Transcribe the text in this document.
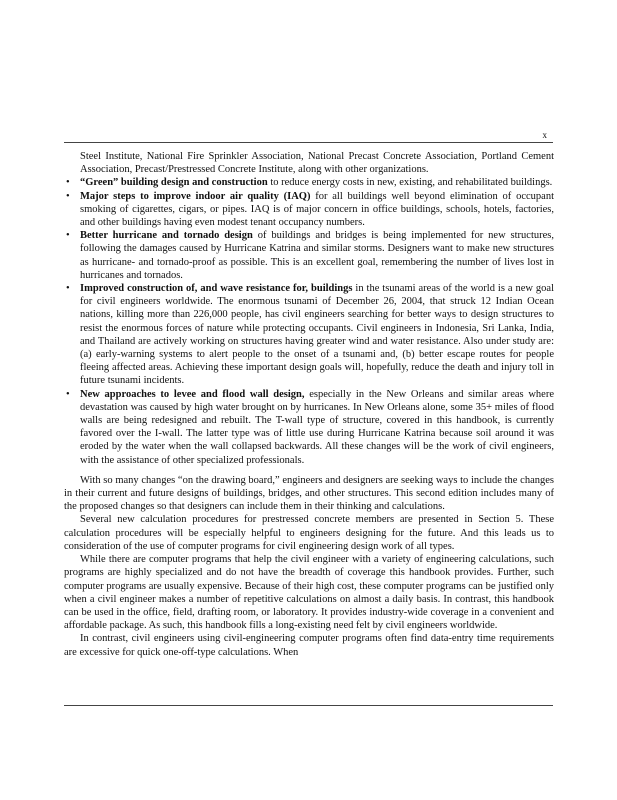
x

Steel Institute, National Fire Sprinkler Association, National Precast Concrete Association, Portland Cement Association, Precast/Prestressed Concrete Institute, along with other organizations.

• “Green” building design and construction to reduce energy costs in new, existing, and rehabilitated buildings.
• Major steps to improve indoor air quality (IAQ) for all buildings well beyond elimination of occupant smoking of cigarettes, cigars, or pipes. IAQ is of major concern in office buildings, schools, hotels, factories, and other buildings having even modest tenant occupancy numbers.
• Better hurricane and tornado design of buildings and bridges is being implemented for new structures, following the damages caused by Hurricane Katrina and similar storms. Designers want to make new structures as hurricane- and tornado-proof as possible. This is an excellent goal, remembering the number of lives lost in hurricanes and tornados.
• Improved construction of, and wave resistance for, buildings in the tsunami areas of the world is a new goal for civil engineers worldwide. The enormous tsunami of December 26, 2004, that struck 12 Indian Ocean nations, killing more than 226,000 people, has civil engineers searching for better ways to design structures to resist the enormous forces of nature while protecting occupants. Civil engineers in Indonesia, Sri Lanka, India, and Thailand are actively working on structures having greater wind and water resistance. Also under study are: (a) early-warning systems to alert people to the onset of a tsunami and, (b) better escape routes for people fleeing affected areas. Achieving these important design goals will, hopefully, reduce the death and injury toll in future tsunami incidents.
• New approaches to levee and flood wall design, especially in the New Orleans and similar areas where devastation was caused by high water brought on by hurricanes. In New Orleans alone, some 35+ miles of flood walls are being redesigned and rebuilt. The T-wall type of structure, covered in this handbook, is currently favored over the I-wall. The latter type was of little use during Hurricane Katrina because soil around it was eroded by the water when the wall collapsed backwards. All these changes will be the work of civil engineers, with the assistance of other specialized professionals.

With so many changes “on the drawing board,” engineers and designers are seeking ways to include the changes in their current and future designs of buildings, bridges, and other structures. This second edition includes many of the proposed changes so that designers can include them in their thinking and calculations.

Several new calculation procedures for prestressed concrete members are presented in Section 5. These calculation procedures will be especially helpful to engineers designing for the future. And this leads us to consideration of the use of computer programs for civil engineering design work of all types.

While there are computer programs that help the civil engineer with a variety of engineering calculations, such programs are highly specialized and do not have the breadth of coverage this handbook provides. Further, such computer programs are usually expensive. Because of their high cost, these computer programs can be justified only when a civil engineer makes a number of repetitive calculations on almost a daily basis. In contrast, this handbook can be used in the office, field, drafting room, or laboratory. It provides industry-wide coverage in a convenient and affordable package. As such, this handbook fills a long-existing need felt by civil engineers worldwide.

In contrast, civil engineers using civil-engineering computer programs often find data-entry time requirements are excessive for quick one-off-type calculations. When
